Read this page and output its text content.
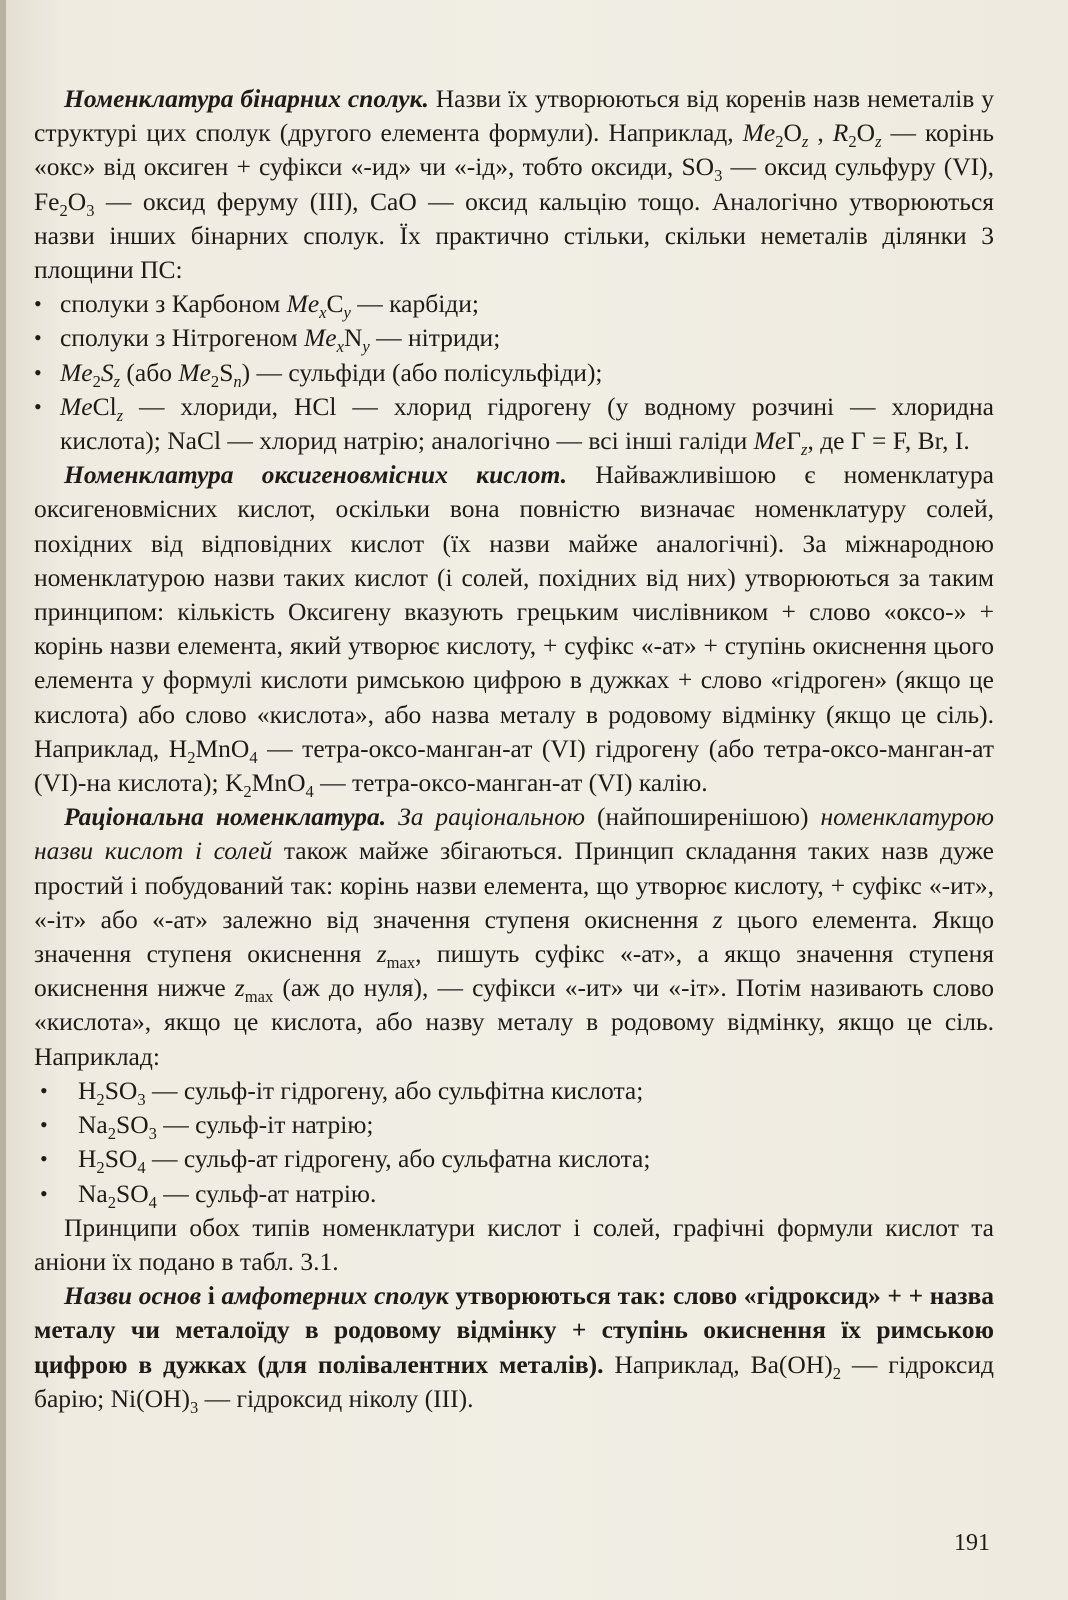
Номенклатура бінарних сполук. Назви їх утворюються від коренів назв неметалів у структурі цих сполук (другого елемента формули). Наприклад, $Me_2O_z$ , $R_2O_z$ — корінь «окс» від оксиген + суфікси «-ид» чи «-ід», тобто оксиди, $SO_3$ — оксид сульфуру (VI), $Fe_2O_3$ — оксид феруму (III), CaO — оксид кальцію тощо. Аналогічно утворюються назви інших бінарних сполук. Їх практично стільки, скільки неметалів ділянки 3 площини ПС:

• сполуки з Карбоном $Me_xC_y$ — карбіди;
• сполуки з Нітрогеном $Me_xN_y$ — нітриди;
• $Me_2S_z$ (або $Me_2S_n$) — сульфіди (або полісульфіди);
• MeCl$_z$ — хлориди, HCl — хлорид гідрогену (у водному розчині — хлоридна кислота); NaCl — хлорид натрію; аналогічно — всі інші галіди MeГ$_z$, де Г = F, Br, I.

Номенклатура оксигеновмісних кислот. Найважливішою є номенклатура оксигеновмісних кислот, оскільки вона повністю визначає номенклатуру солей, похідних від відповідних кислот (їх назви майже аналогічні). За міжнародною номенклатурою назви таких кислот (і солей, похідних від них) утворюються за таким принципом: кількість Оксигену вказують грецьким числівником + слово «оксо-» + корінь назви елемента, який утворює кислоту, + суфікс «-ат» + ступінь окиснення цього елемента у формулі кислоти римською цифрою в дужках + слово «гідроген» (якщо це кислота) або слово «кислота», або назва металу в родовому відмінку (якщо це сіль). Наприклад, $H_2MnO_4$ — тетра-оксо-манган-ат (VI) гідрогену (або тетра-оксо-манган-ат (VI)-на кислота); $K_2MnO_4$ — тетра-оксо-манган-ат (VI) калію.

Раціональна номенклатура. За раціональною (найпоширенішою) номенклатурою назви кислот і солей також майже збігаються. Принцип складання таких назв дуже простий і побудований так: корінь назви елемента, що утворює кислоту, + суфікс «-ит», «-іт» або «-ат» залежно від значення ступеня окиснення z цього елемента. Якщо значення ступеня окиснення $z_{max}$, пишуть суфікс «-ат», а якщо значення ступеня окиснення нижче $z_{max}$ (аж до нуля), — суфікси «-ит» чи «-іт». Потім називають слово «кислота», якщо це кислота, або назву металу в родовому відмінку, якщо це сіль. Наприклад:

• $H_2SO_3$ — сульф-іт гідрогену, або сульфітна кислота;
• $Na_2SO_3$ — сульф-іт натрію;
• $H_2SO_4$ — сульф-ат гідрогену, або сульфатна кислота;
• $Na_2SO_4$ — сульф-ат натрію.

Принципи обох типів номенклатури кислот і солей, графічні формули кислот та аніони їх подано в табл. 3.1.

Назви основ і амфотерних сполук утворюються так: слово «гідроксид» + + назва металу чи металоїду в родовому відмінку + ступінь окиснення їх римською цифрою в дужках (для полівалентних металів). Наприклад, $Ba(OH)_2$ — гідроксид барію; $Ni(OH)_3$ — гідроксид ніколу (III).

191
